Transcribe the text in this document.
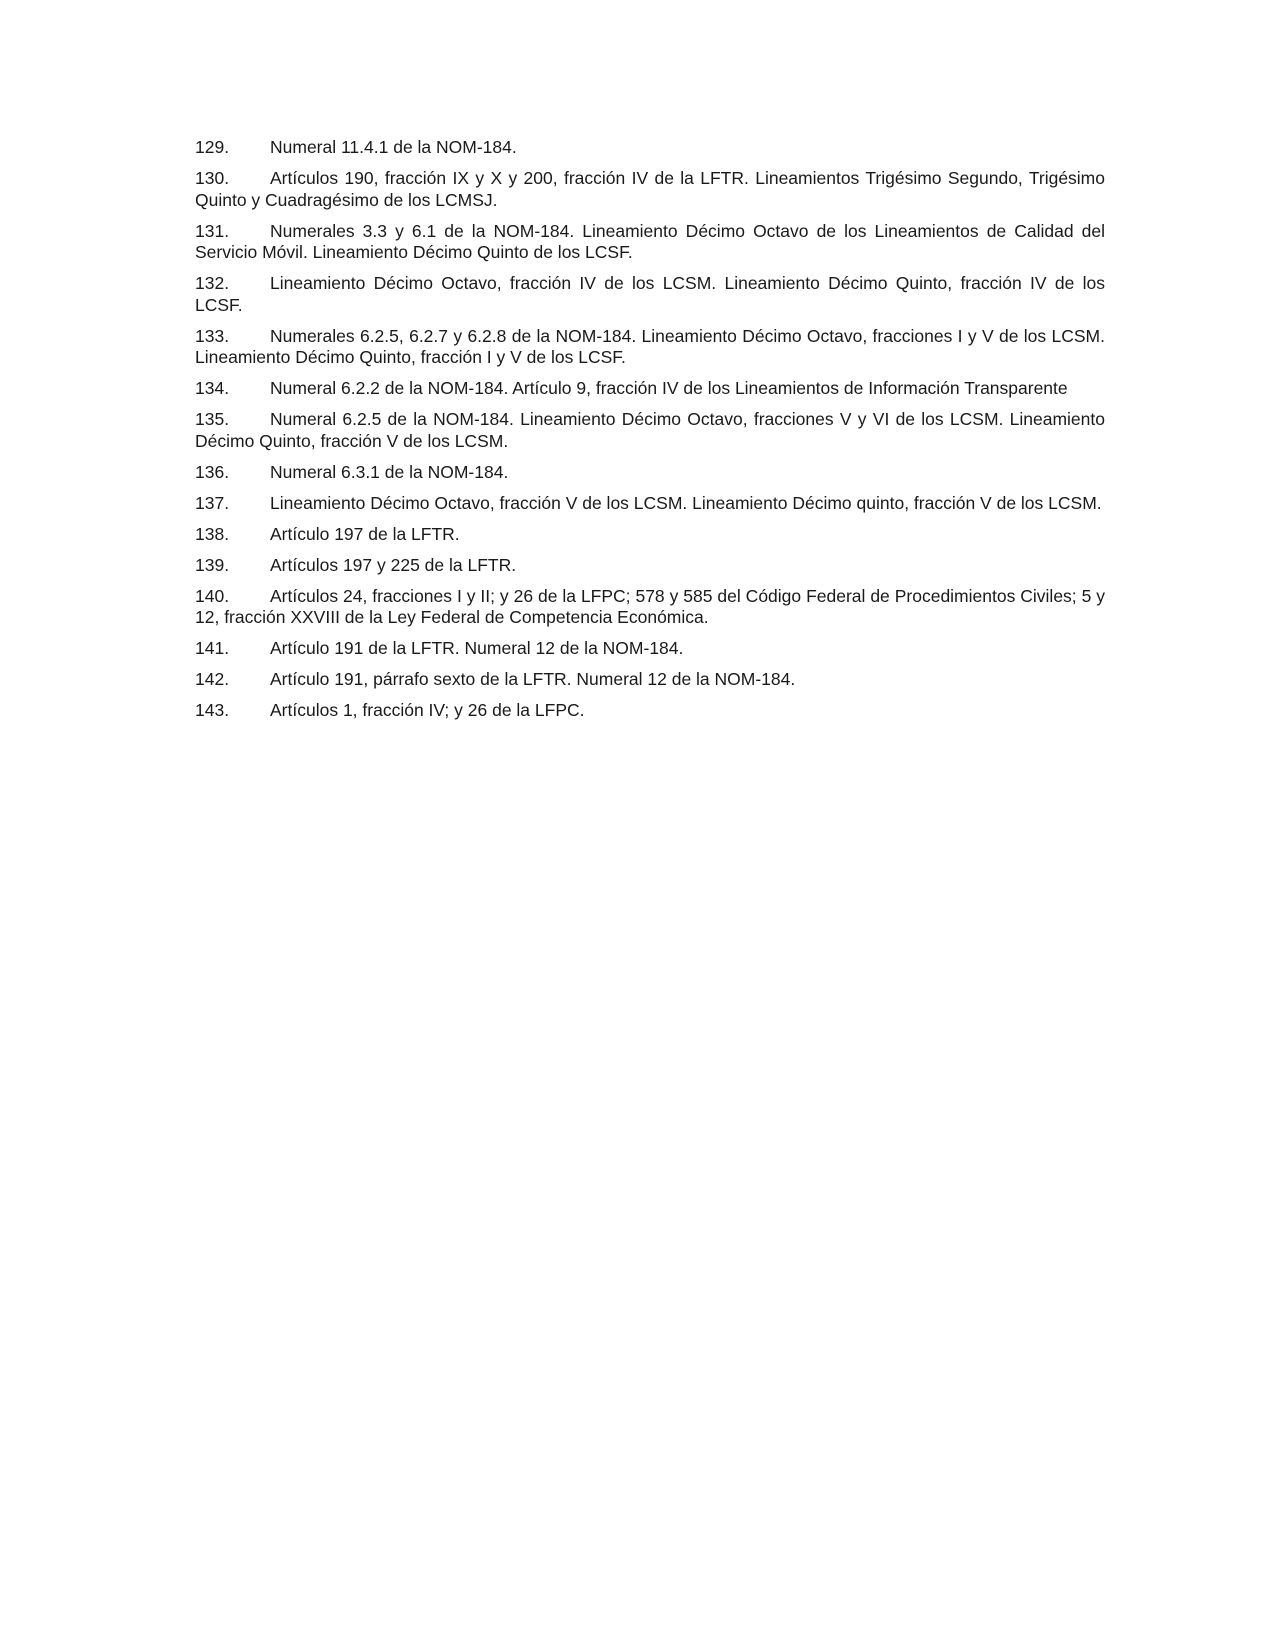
129. Numeral 11.4.1 de la NOM-184.
130. Artículos 190, fracción IX y X y 200, fracción IV de la LFTR. Lineamientos Trigésimo Segundo, Trigésimo Quinto y Cuadragésimo de los LCMSJ.
131. Numerales 3.3 y 6.1 de la NOM-184. Lineamiento Décimo Octavo de los Lineamientos de Calidad del Servicio Móvil. Lineamiento Décimo Quinto de los LCSF.
132. Lineamiento Décimo Octavo, fracción IV de los LCSM. Lineamiento Décimo Quinto, fracción IV de los LCSF.
133. Numerales 6.2.5, 6.2.7 y 6.2.8 de la NOM-184. Lineamiento Décimo Octavo, fracciones I y V de los LCSM. Lineamiento Décimo Quinto, fracción I y V de los LCSF.
134. Numeral 6.2.2 de la NOM-184. Artículo 9, fracción IV de los Lineamientos de Información Transparente
135. Numeral 6.2.5 de la NOM-184. Lineamiento Décimo Octavo, fracciones V y VI de los LCSM. Lineamiento Décimo Quinto, fracción V de los LCSM.
136. Numeral 6.3.1 de la NOM-184.
137. Lineamiento Décimo Octavo, fracción V de los LCSM. Lineamiento Décimo quinto, fracción V de los LCSM.
138. Artículo 197 de la LFTR.
139. Artículos 197 y 225 de la LFTR.
140. Artículos 24, fracciones I y II; y 26 de la LFPC; 578 y 585 del Código Federal de Procedimientos Civiles; 5 y 12, fracción XXVIII de la Ley Federal de Competencia Económica.
141. Artículo 191 de la LFTR. Numeral 12 de la NOM-184.
142. Artículo 191, párrafo sexto de la LFTR. Numeral 12 de la NOM-184.
143. Artículos 1, fracción IV; y 26 de la LFPC.
